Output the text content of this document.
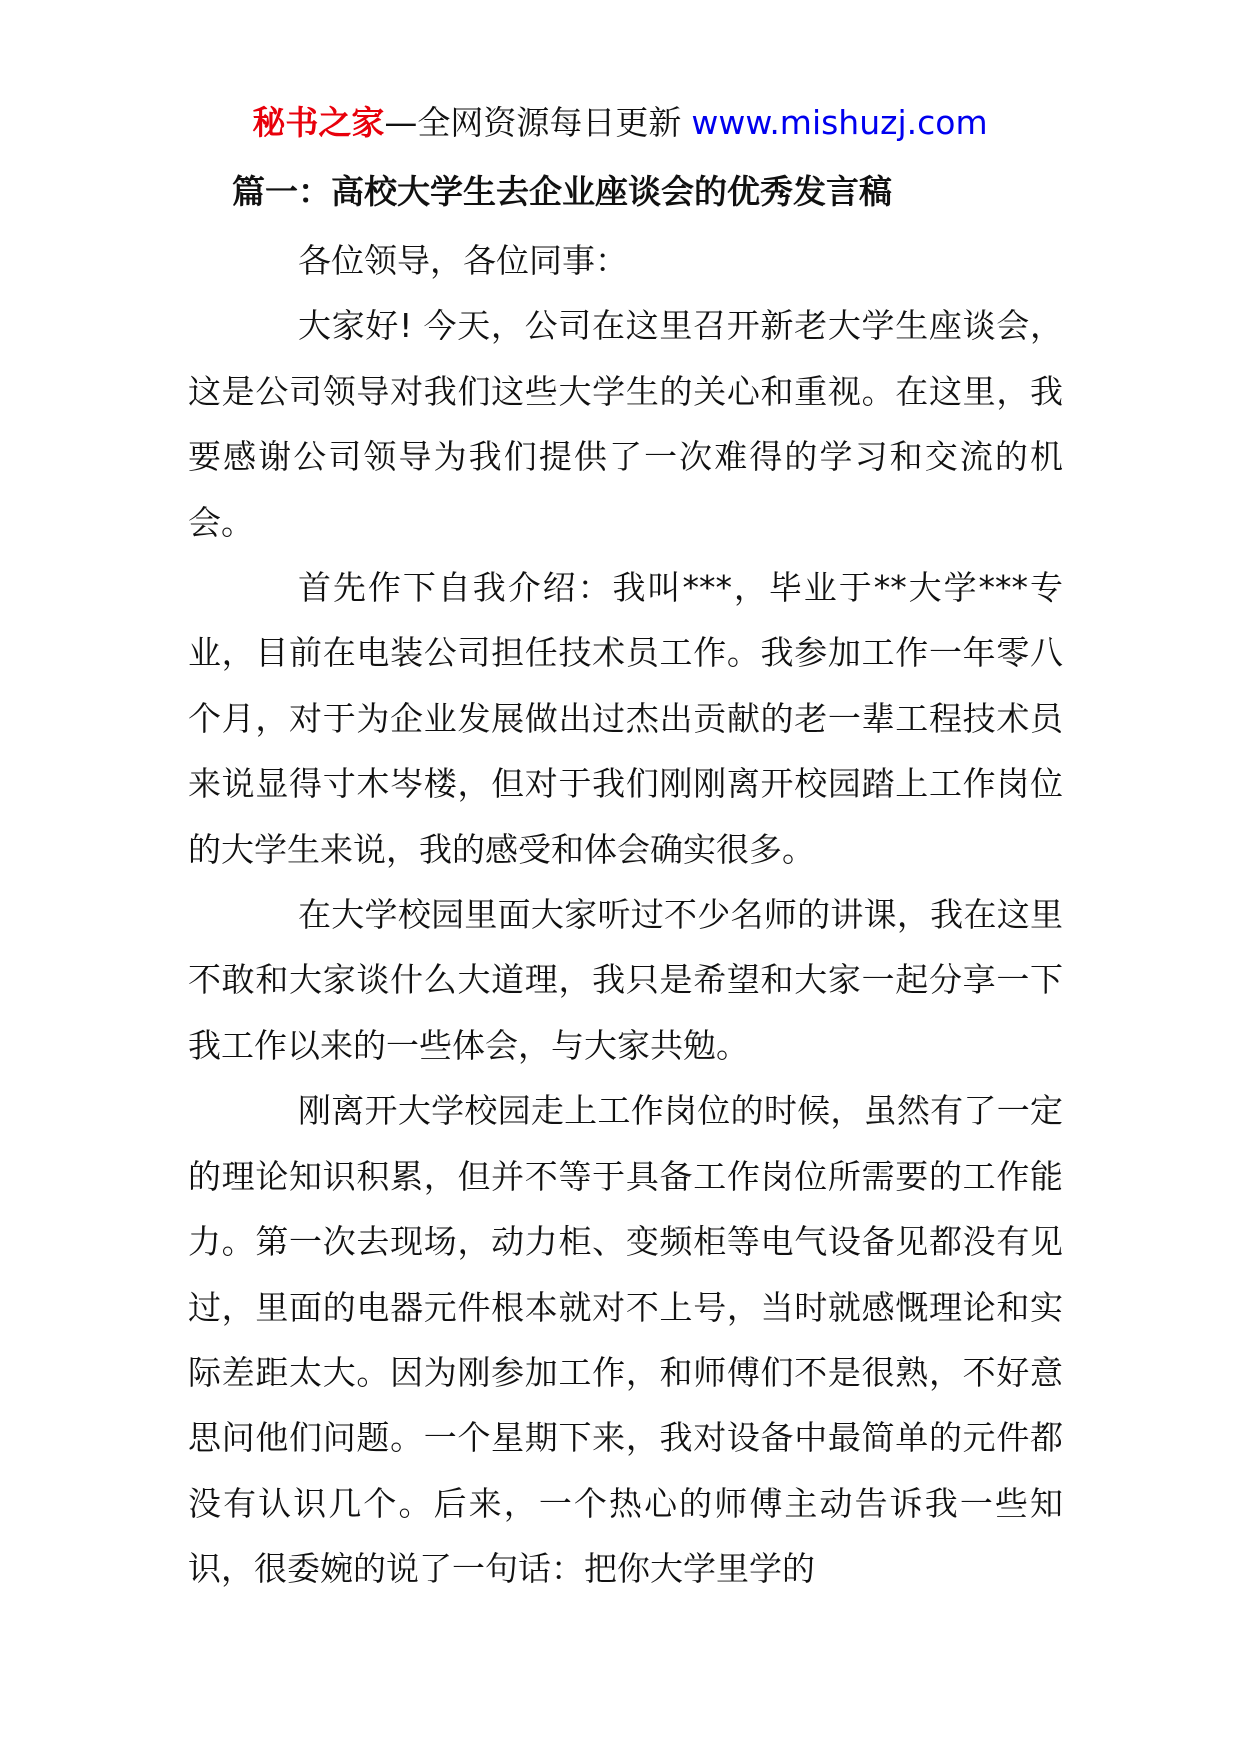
秘书之家—全网资源每日更新 www.mishuzj.com
篇一：高校大学生去企业座谈会的优秀发言稿

各位领导，各位同事：

大家好! 今天，公司在这里召开新老大学生座谈会，这是公司领导对我们这些大学生的关心和重视。在这里，我要感谢公司领导为我们提供了一次难得的学习和交流的机会。

首先作下自我介绍：我叫***，毕业于**大学***专业，目前在电装公司担任技术员工作。我参加工作一年零八个月，对于为企业发展做出过杰出贡献的老一辈工程技术员来说显得寸木岑楼，但对于我们刚刚离开校园踏上工作岗位的大学生来说，我的感受和体会确实很多。

在大学校园里面大家听过不少名师的讲课，我在这里不敢和大家谈什么大道理，我只是希望和大家一起分享一下我工作以来的一些体会，与大家共勉。

刚离开大学校园走上工作岗位的时候，虽然有了一定的理论知识积累，但并不等于具备工作岗位所需要的工作能力。第一次去现场，动力柜、变频柜等电气设备见都没有见过，里面的电器元件根本就对不上号，当时就感慨理论和实际差距太大。因为刚参加工作，和师傅们不是很熟，不好意思问他们问题。一个星期下来，我对设备中最简单的元件都没有认识几个。后来，一个热心的师傅主动告诉我一些知识，很委婉的说了一句话：把你大学里学的
